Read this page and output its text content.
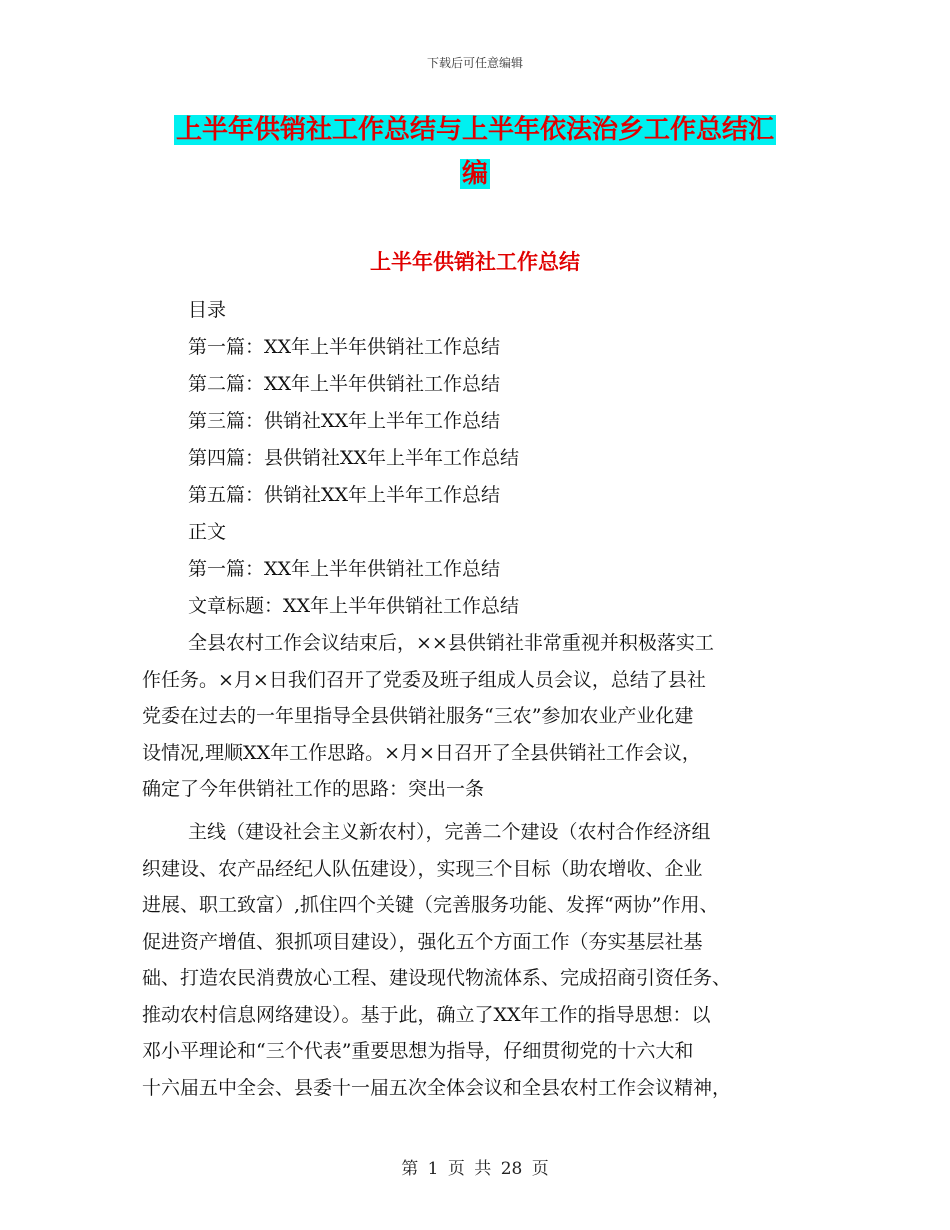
下载后可任意编辑
上半年供销社工作总结与上半年依法治乡工作总结汇
编
上半年供销社工作总结
目录
第一篇：XX年上半年供销社工作总结
第二篇：XX年上半年供销社工作总结
第三篇：供销社XX年上半年工作总结
第四篇：县供销社XX年上半年工作总结
第五篇：供销社XX年上半年工作总结
正文
第一篇：XX年上半年供销社工作总结
文章标题：XX年上半年供销社工作总结
全县农村工作会议结束后，××县供销社非常重视并积极落实工
作任务。×月×日我们召开了党委及班子组成人员会议，总结了县社
党委在过去的一年里指导全县供销社服务“三农”参加农业产业化建
设情况,理顺XX年工作思路。×月×日召开了全县供销社工作会议，
确定了今年供销社工作的思路：突出一条
主线（建设社会主义新农村），完善二个建设（农村合作经济组
织建设、农产品经纪人队伍建设），实现三个目标（助农增收、企业
进展、职工致富）,抓住四个关键（完善服务功能、发挥“两协”作用、
促进资产增值、狠抓项目建设），强化五个方面工作（夯实基层社基
础、打造农民消费放心工程、建设现代物流体系、完成招商引资任务、
推动农村信息网络建设）。基于此，确立了XX年工作的指导思想：以
邓小平理论和“三个代表”重要思想为指导，仔细贯彻党的十六大和
十六届五中全会、县委十一届五次全体会议和全县农村工作会议精神，
第 1 页 共 28 页
